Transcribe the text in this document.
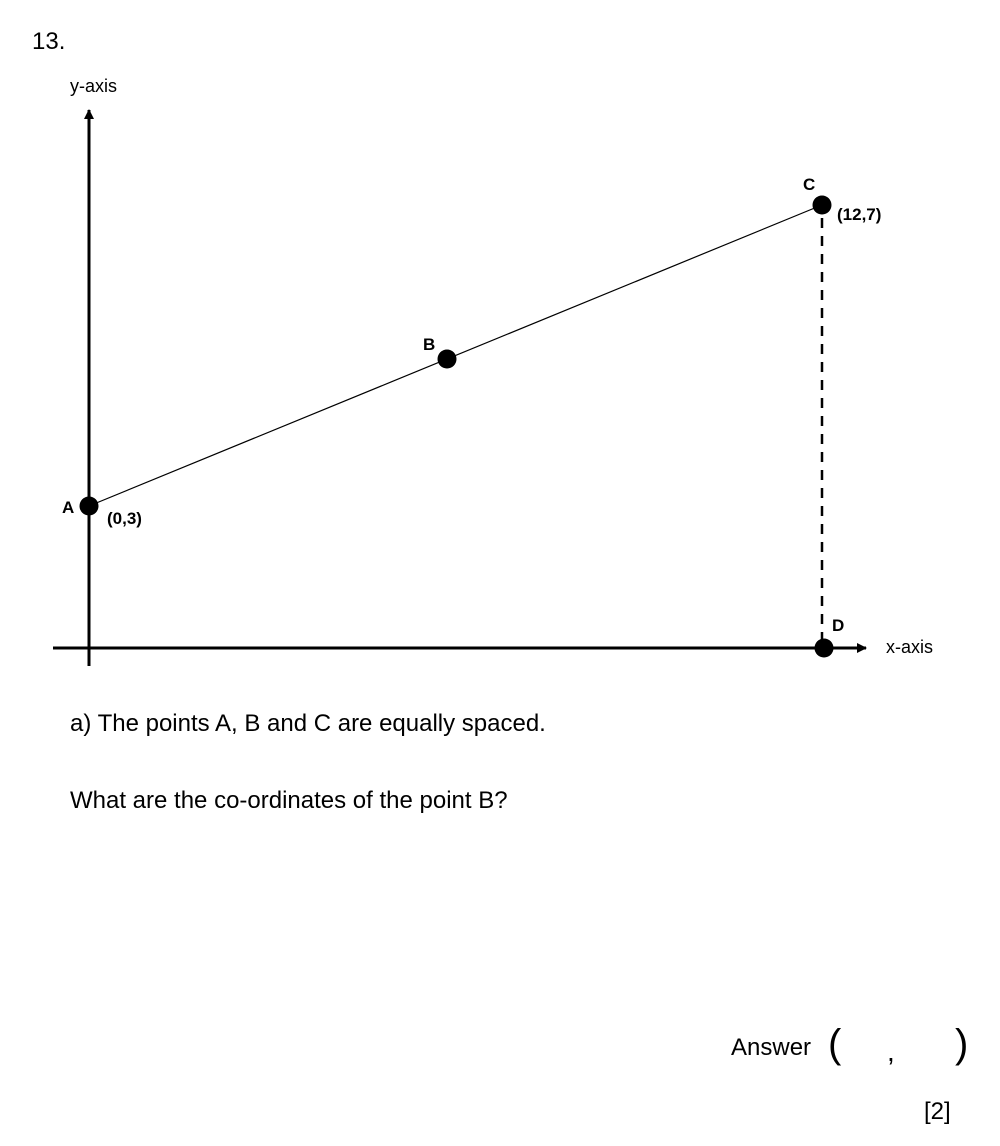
13.
y-axis
x-axis
A
(0,3)
B
C
(12,7)
D
a) The points A, B and C are equally spaced.
What are the co-ordinates of the point B?
Answer ( , )
[2]
